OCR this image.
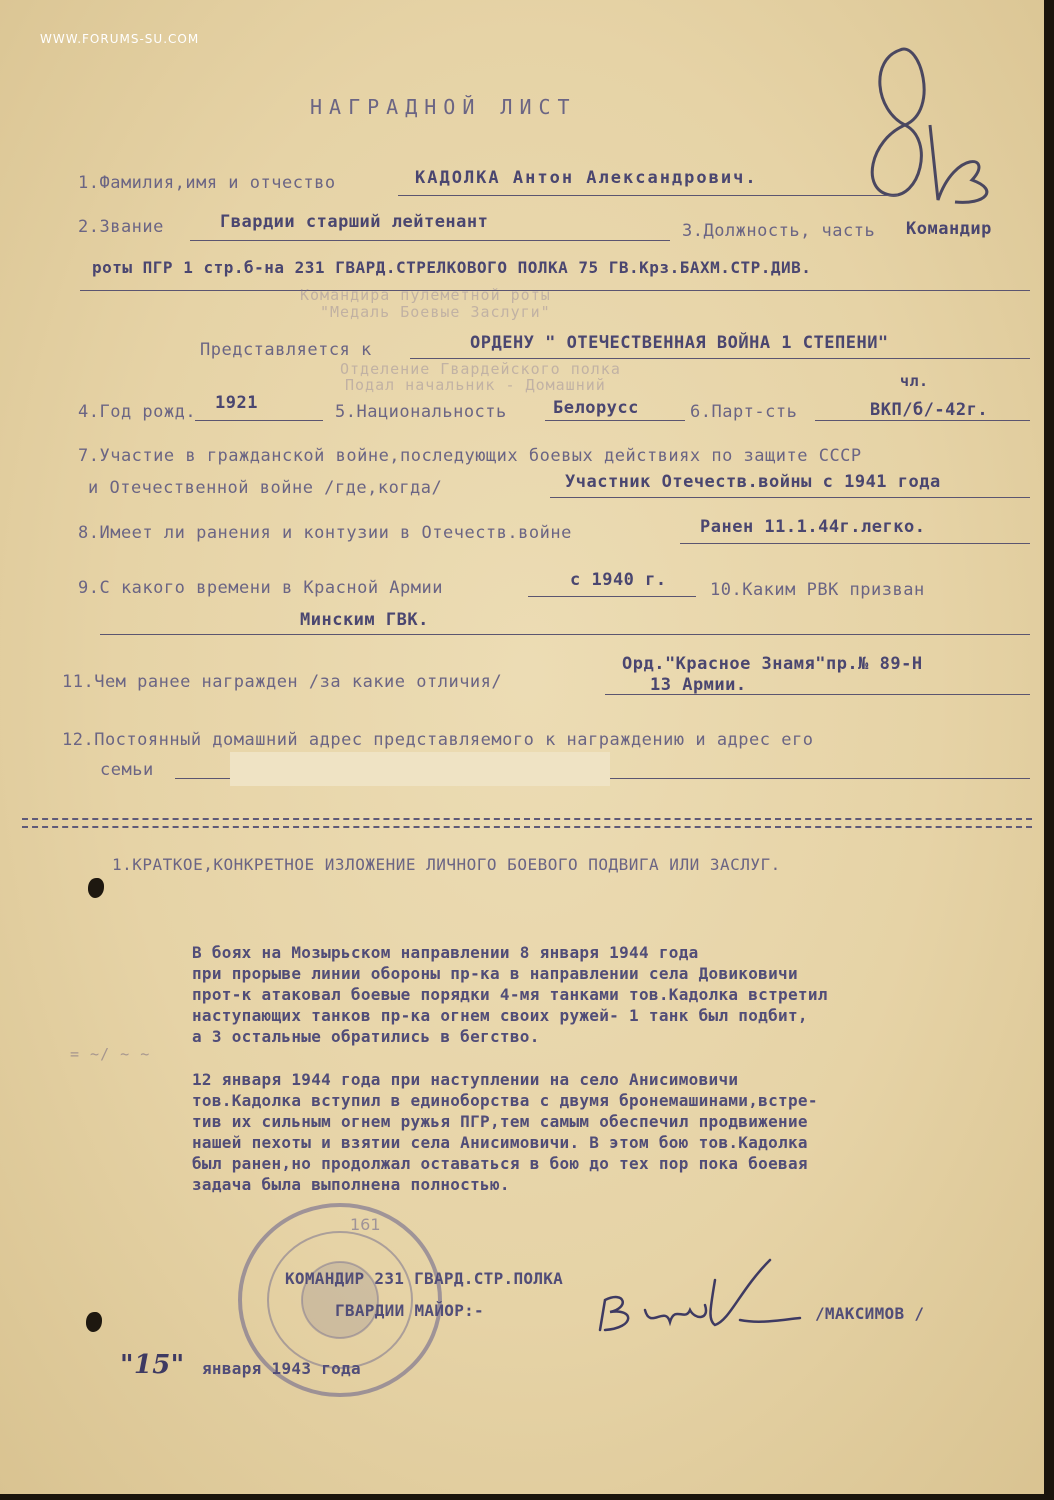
WWW.FORUMS-SU.COM
НАГРАДНОЙ ЛИСТ
1.Фамилия,имя и отчество	КАДОЛКА Антон Александрович.
2.Звание	Гвардии старший лейтенант	3.Должность, часть Командир
роты ПГР 1 стр.б-на 231 ГВАРД.СТРЕЛКОВОГО ПОЛКА 75 ГВ.Крз.БАХМ.СТР.ДИВ.
Командира пулеметной роты
"Медаль Боевые Заслуги"
Представляется к	ОРДЕНУ " ОТЕЧЕСТВЕННАЯ ВОЙНА 1 СТЕПЕНИ"
Отделение Гвардейского полка
Подал начальник - Домашний
4.Год рожд. 1921	5.Национальность	Белорусс	6.Парт-сть
чл.
ВКП/б/-42г.
7.Участие в гражданской войне,последующих боевых действиях по защите СССР
и Отечественной войне /где,когда/	Участник Отечеств.войны с 1941 года
8.Имеет ли ранения и контузии в Отечеств.войне	Ранен 11.1.44г.легко.
9.С какого времени в Красной Армии	с 1940 г.	10.Каким РВК призван
Минским ГВК.
11.Чем ранее награжден /за какие отличия/
Орд."Красное Знамя"пр.№ 89-Н
13 Армии.
12.Постоянный домашний адрес представляемого к награждению и адрес его
семьи
1.КРАТКОЕ,КОНКРЕТНОЕ ИЗЛОЖЕНИЕ ЛИЧНОГО БОЕВОГО ПОДВИГА ИЛИ ЗАСЛУГ.
В боях на Мозырьском направлении 8 января 1944 года
при прорыве линии обороны пр-ка в направлении села Довиковичи
прот-к атаковал боевые порядки 4-мя танками тов.Кадолка встретил
наступающих танков пр-ка огнем своих ружей- 1 танк был подбит,
а 3 остальные обратились в бегство.
12 января 1944 года при наступлении на село Анисимовичи
тов.Кадолка вступил в единоборства с двумя бронемашинами,встре-
тив их сильным огнем ружья ПГР,тем самым обеспечил продвижение
нашей пехоты и взятии села Анисимовичи. В этом бою тов.Кадолка
был ранен,но продолжал оставаться в бою до тех пор пока боевая
задача была выполнена полностью.
= ~/ ~ ~
161
КОМАНДИР 231 ГВАРД.СТР.ПОЛКА
ГВАРДИИ МАЙОР:-	/МАКСИМОВ /
"15" января 1943 года
